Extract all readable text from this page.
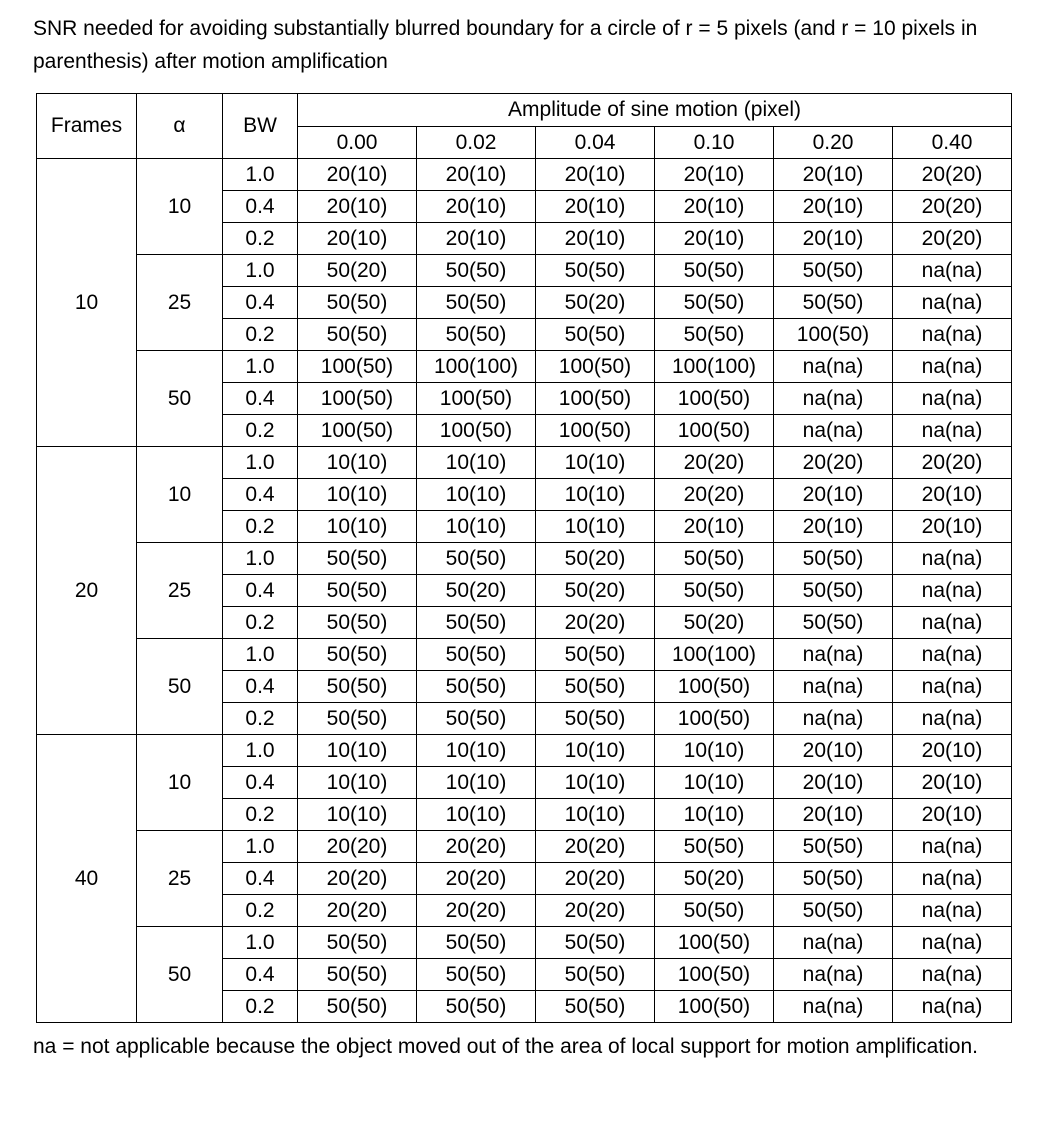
SNR needed for avoiding substantially blurred boundary for a circle of r = 5 pixels (and r = 10 pixels in parenthesis) after motion amplification

Frames	α	BW	Amplitude of sine motion (pixel)					
			0.00	0.02	0.04	0.10	0.20	0.40
10	10	1.0	20(10)	20(10)	20(10)	20(10)	20(10)	20(20)
		0.4	20(10)	20(10)	20(10)	20(10)	20(10)	20(20)
		0.2	20(10)	20(10)	20(10)	20(10)	20(10)	20(20)
	25	1.0	50(20)	50(50)	50(50)	50(50)	50(50)	na(na)
		0.4	50(50)	50(50)	50(20)	50(50)	50(50)	na(na)
		0.2	50(50)	50(50)	50(50)	50(50)	100(50)	na(na)
	50	1.0	100(50)	100(100)	100(50)	100(100)	na(na)	na(na)
		0.4	100(50)	100(50)	100(50)	100(50)	na(na)	na(na)
		0.2	100(50)	100(50)	100(50)	100(50)	na(na)	na(na)
20	10	1.0	10(10)	10(10)	10(10)	20(20)	20(20)	20(20)
		0.4	10(10)	10(10)	10(10)	20(20)	20(10)	20(10)
		0.2	10(10)	10(10)	10(10)	20(10)	20(10)	20(10)
	25	1.0	50(50)	50(50)	50(20)	50(50)	50(50)	na(na)
		0.4	50(50)	50(20)	50(20)	50(50)	50(50)	na(na)
		0.2	50(50)	50(50)	20(20)	50(20)	50(50)	na(na)
	50	1.0	50(50)	50(50)	50(50)	100(100)	na(na)	na(na)
		0.4	50(50)	50(50)	50(50)	100(50)	na(na)	na(na)
		0.2	50(50)	50(50)	50(50)	100(50)	na(na)	na(na)
40	10	1.0	10(10)	10(10)	10(10)	10(10)	20(10)	20(10)
		0.4	10(10)	10(10)	10(10)	10(10)	20(10)	20(10)
		0.2	10(10)	10(10)	10(10)	10(10)	20(10)	20(10)
	25	1.0	20(20)	20(20)	20(20)	50(50)	50(50)	na(na)
		0.4	20(20)	20(20)	20(20)	50(20)	50(50)	na(na)
		0.2	20(20)	20(20)	20(20)	50(50)	50(50)	na(na)
	50	1.0	50(50)	50(50)	50(50)	100(50)	na(na)	na(na)
		0.4	50(50)	50(50)	50(50)	100(50)	na(na)	na(na)
		0.2	50(50)	50(50)	50(50)	100(50)	na(na)	na(na)

na = not applicable because the object moved out of the area of local support for motion amplification.
